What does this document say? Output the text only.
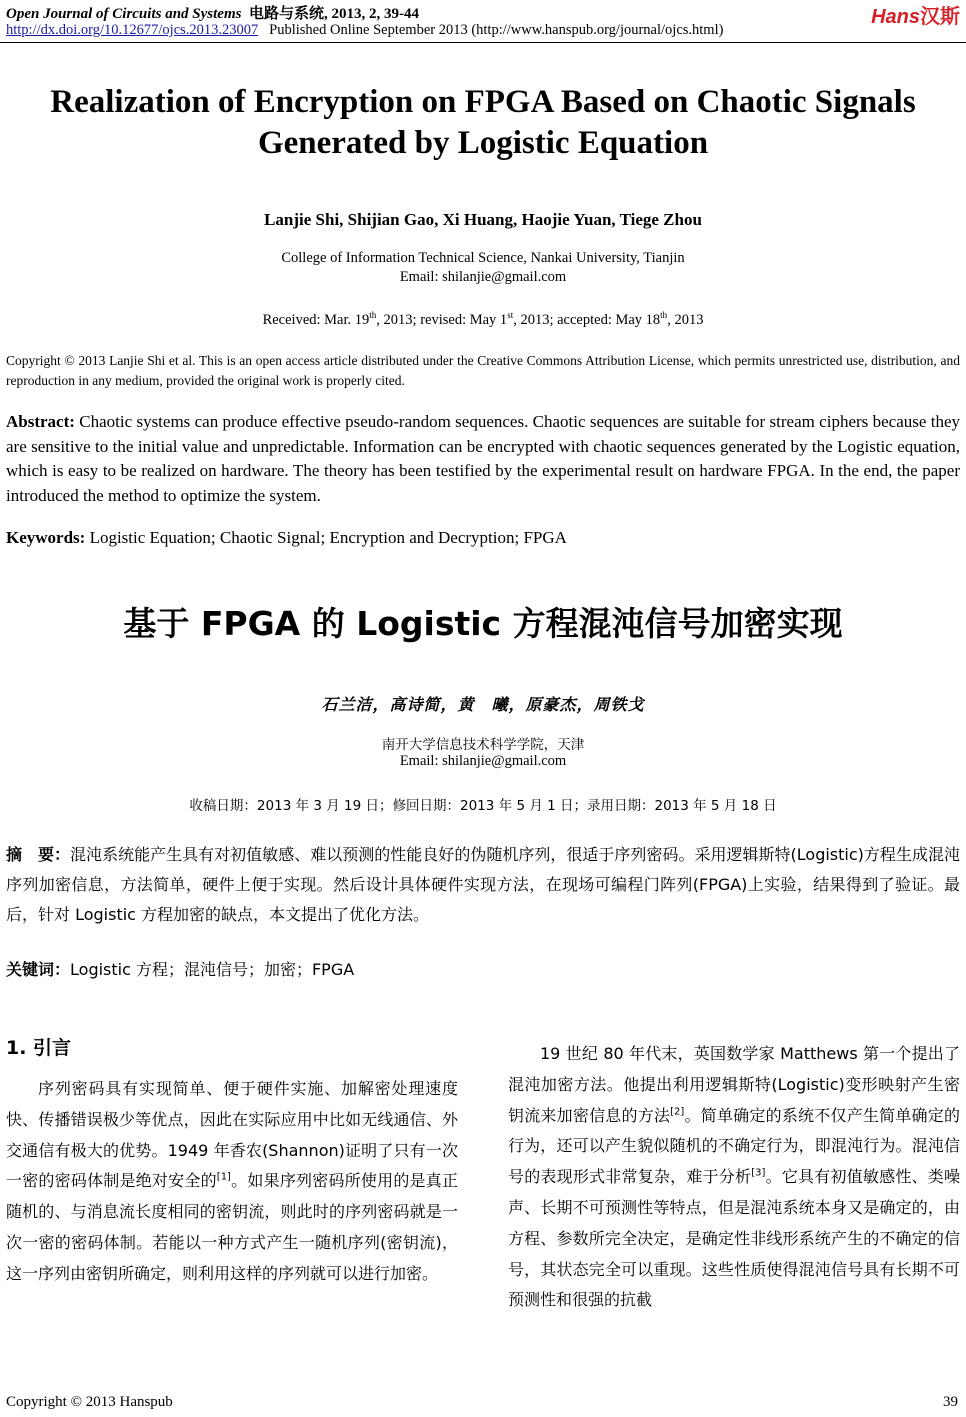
Open Journal of Circuits and Systems 电路与系统, 2013, 2, 39-44
http://dx.doi.org/10.12677/ojcs.2013.23007 Published Online September 2013 (http://www.hanspub.org/journal/ojcs.html)
Hans汉斯
Realization of Encryption on FPGA Based on Chaotic Signals
Generated by Logistic Equation
Lanjie Shi, Shijian Gao, Xi Huang, Haojie Yuan, Tiege Zhou
College of Information Technical Science, Nankai University, Tianjin
Email: shilanjie@gmail.com
Received: Mar. 19th, 2013; revised: May 1st, 2013; accepted: May 18th, 2013
Copyright © 2013 Lanjie Shi et al. This is an open access article distributed under the Creative Commons Attribution License, which permits unrestricted use, distribution, and reproduction in any medium, provided the original work is properly cited.
Abstract: Chaotic systems can produce effective pseudo-random sequences. Chaotic sequences are suitable for stream ciphers because they are sensitive to the initial value and unpredictable. Information can be encrypted with chaotic sequences generated by the Logistic equation, which is easy to be realized on hardware. The theory has been testified by the experimental result on hardware FPGA. In the end, the paper introduced the method to optimize the system.
Keywords: Logistic Equation; Chaotic Signal; Encryption and Decryption; FPGA
基于 FPGA 的 Logistic 方程混沌信号加密实现
石兰洁，高诗简，黄　曦，原豪杰，周铁戈
南开大学信息技术科学学院，天津
Email: shilanjie@gmail.com
收稿日期：2013 年 3 月 19 日；修回日期：2013 年 5 月 1 日；录用日期：2013 年 5 月 18 日
摘　要：混沌系统能产生具有对初值敏感、难以预测的性能良好的伪随机序列，很适于序列密码。采用逻辑斯特(Logistic)方程生成混沌序列加密信息，方法简单，硬件上便于实现。然后设计具体硬件实现方法，在现场可编程门阵列(FPGA)上实验，结果得到了验证。最后，针对 Logistic 方程加密的缺点，本文提出了优化方法。
关键词：Logistic 方程；混沌信号；加密；FPGA
1. 引言

序列密码具有实现简单、便于硬件实施、加解密处理速度快、传播错误极少等优点，因此在实际应用中比如无线通信、外交通信有极大的优势。1949 年香农(Shannon)证明了只有一次一密的密码体制是绝对安全的[1]。如果序列密码所使用的是真正随机的、与消息流长度相同的密钥流，则此时的序列密码就是一次一密的密码体制。若能以一种方式产生一随机序列(密钥流)，这一序列由密钥所确定，则利用这样的序列就可以进行加密。

19 世纪 80 年代末，英国数学家 Matthews 第一个提出了混沌加密方法。他提出利用逻辑斯特(Logistic)变形映射产生密钥流来加密信息的方法[2]。简单确定的系统不仅产生简单确定的行为，还可以产生貌似随机的不确定行为，即混沌行为。混沌信号的表现形式非常复杂，难于分析[3]。它具有初值敏感性、类噪声、长期不可预测性等特点，但是混沌系统本身又是确定的，由方程、参数所完全决定，是确定性非线形系统产生的不确定的信号，其状态完全可以重现。这些性质使得混沌信号具有长期不可预测性和很强的抗截

Copyright © 2013 Hanspub	39
